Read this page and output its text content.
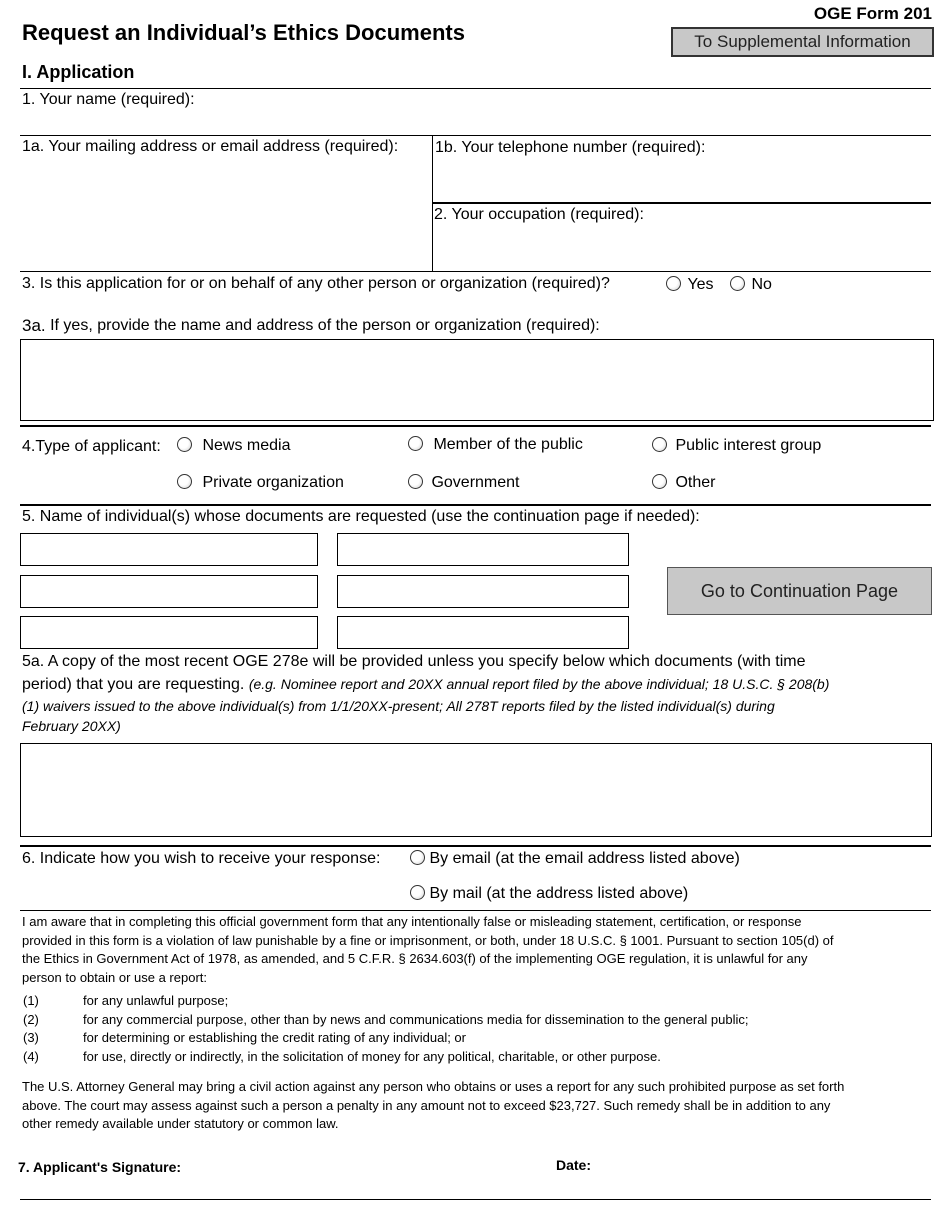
OGE Form 201
Request an Individual’s Ethics Documents	To Supplemental Information
I. Application
1. Your name (required):
1a. Your mailing address or email address (required): 1b. Your telephone number (required):
2. Your occupation (required):
3. Is this application for or on behalf of any other person or organization (required)?	Yes	No
3a. If yes, provide the name and address of the person or organization (required):
4.Type of applicant:	News media	Member of the public	Public interest group
Private organization	Government	Other
5. Name of individual(s) whose documents are requested (use the continuation page if needed):
Go to Continuation Page
5a. A copy of the most recent OGE 278e will be provided unless you specify below which documents (with time
period) that you are requesting. (e.g. Nominee report and 20XX annual report filed by the above individual; 18 U.S.C. § 208(b)
(1) waivers issued to the above individual(s) from 1/1/20XX-present; All 278T reports filed by the listed individual(s) during
February 20XX)
6. Indicate how you wish to receive your response:	By email (at the email address listed above)
By mail (at the address listed above)
I am aware that in completing this official government form that any intentionally false or misleading statement, certification, or response
provided in this form is a violation of law punishable by a fine or imprisonment, or both, under 18 U.S.C. § 1001. Pursuant to section 105(d) of
the Ethics in Government Act of 1978, as amended, and 5 C.F.R. § 2634.603(f) of the implementing OGE regulation, it is unlawful for any
person to obtain or use a report:
(1)	for any unlawful purpose;
(2)	for any commercial purpose, other than by news and communications media for dissemination to the general public;
(3)	for determining or establishing the credit rating of any individual; or
(4)	for use, directly or indirectly, in the solicitation of money for any political, charitable, or other purpose.
The U.S. Attorney General may bring a civil action against any person who obtains or uses a report for any such prohibited purpose as set forth
above. The court may assess against such a person a penalty in any amount not to exceed $23,727. Such remedy shall be in addition to any
other remedy available under statutory or common law.
7. Applicant's Signature:	Date:
